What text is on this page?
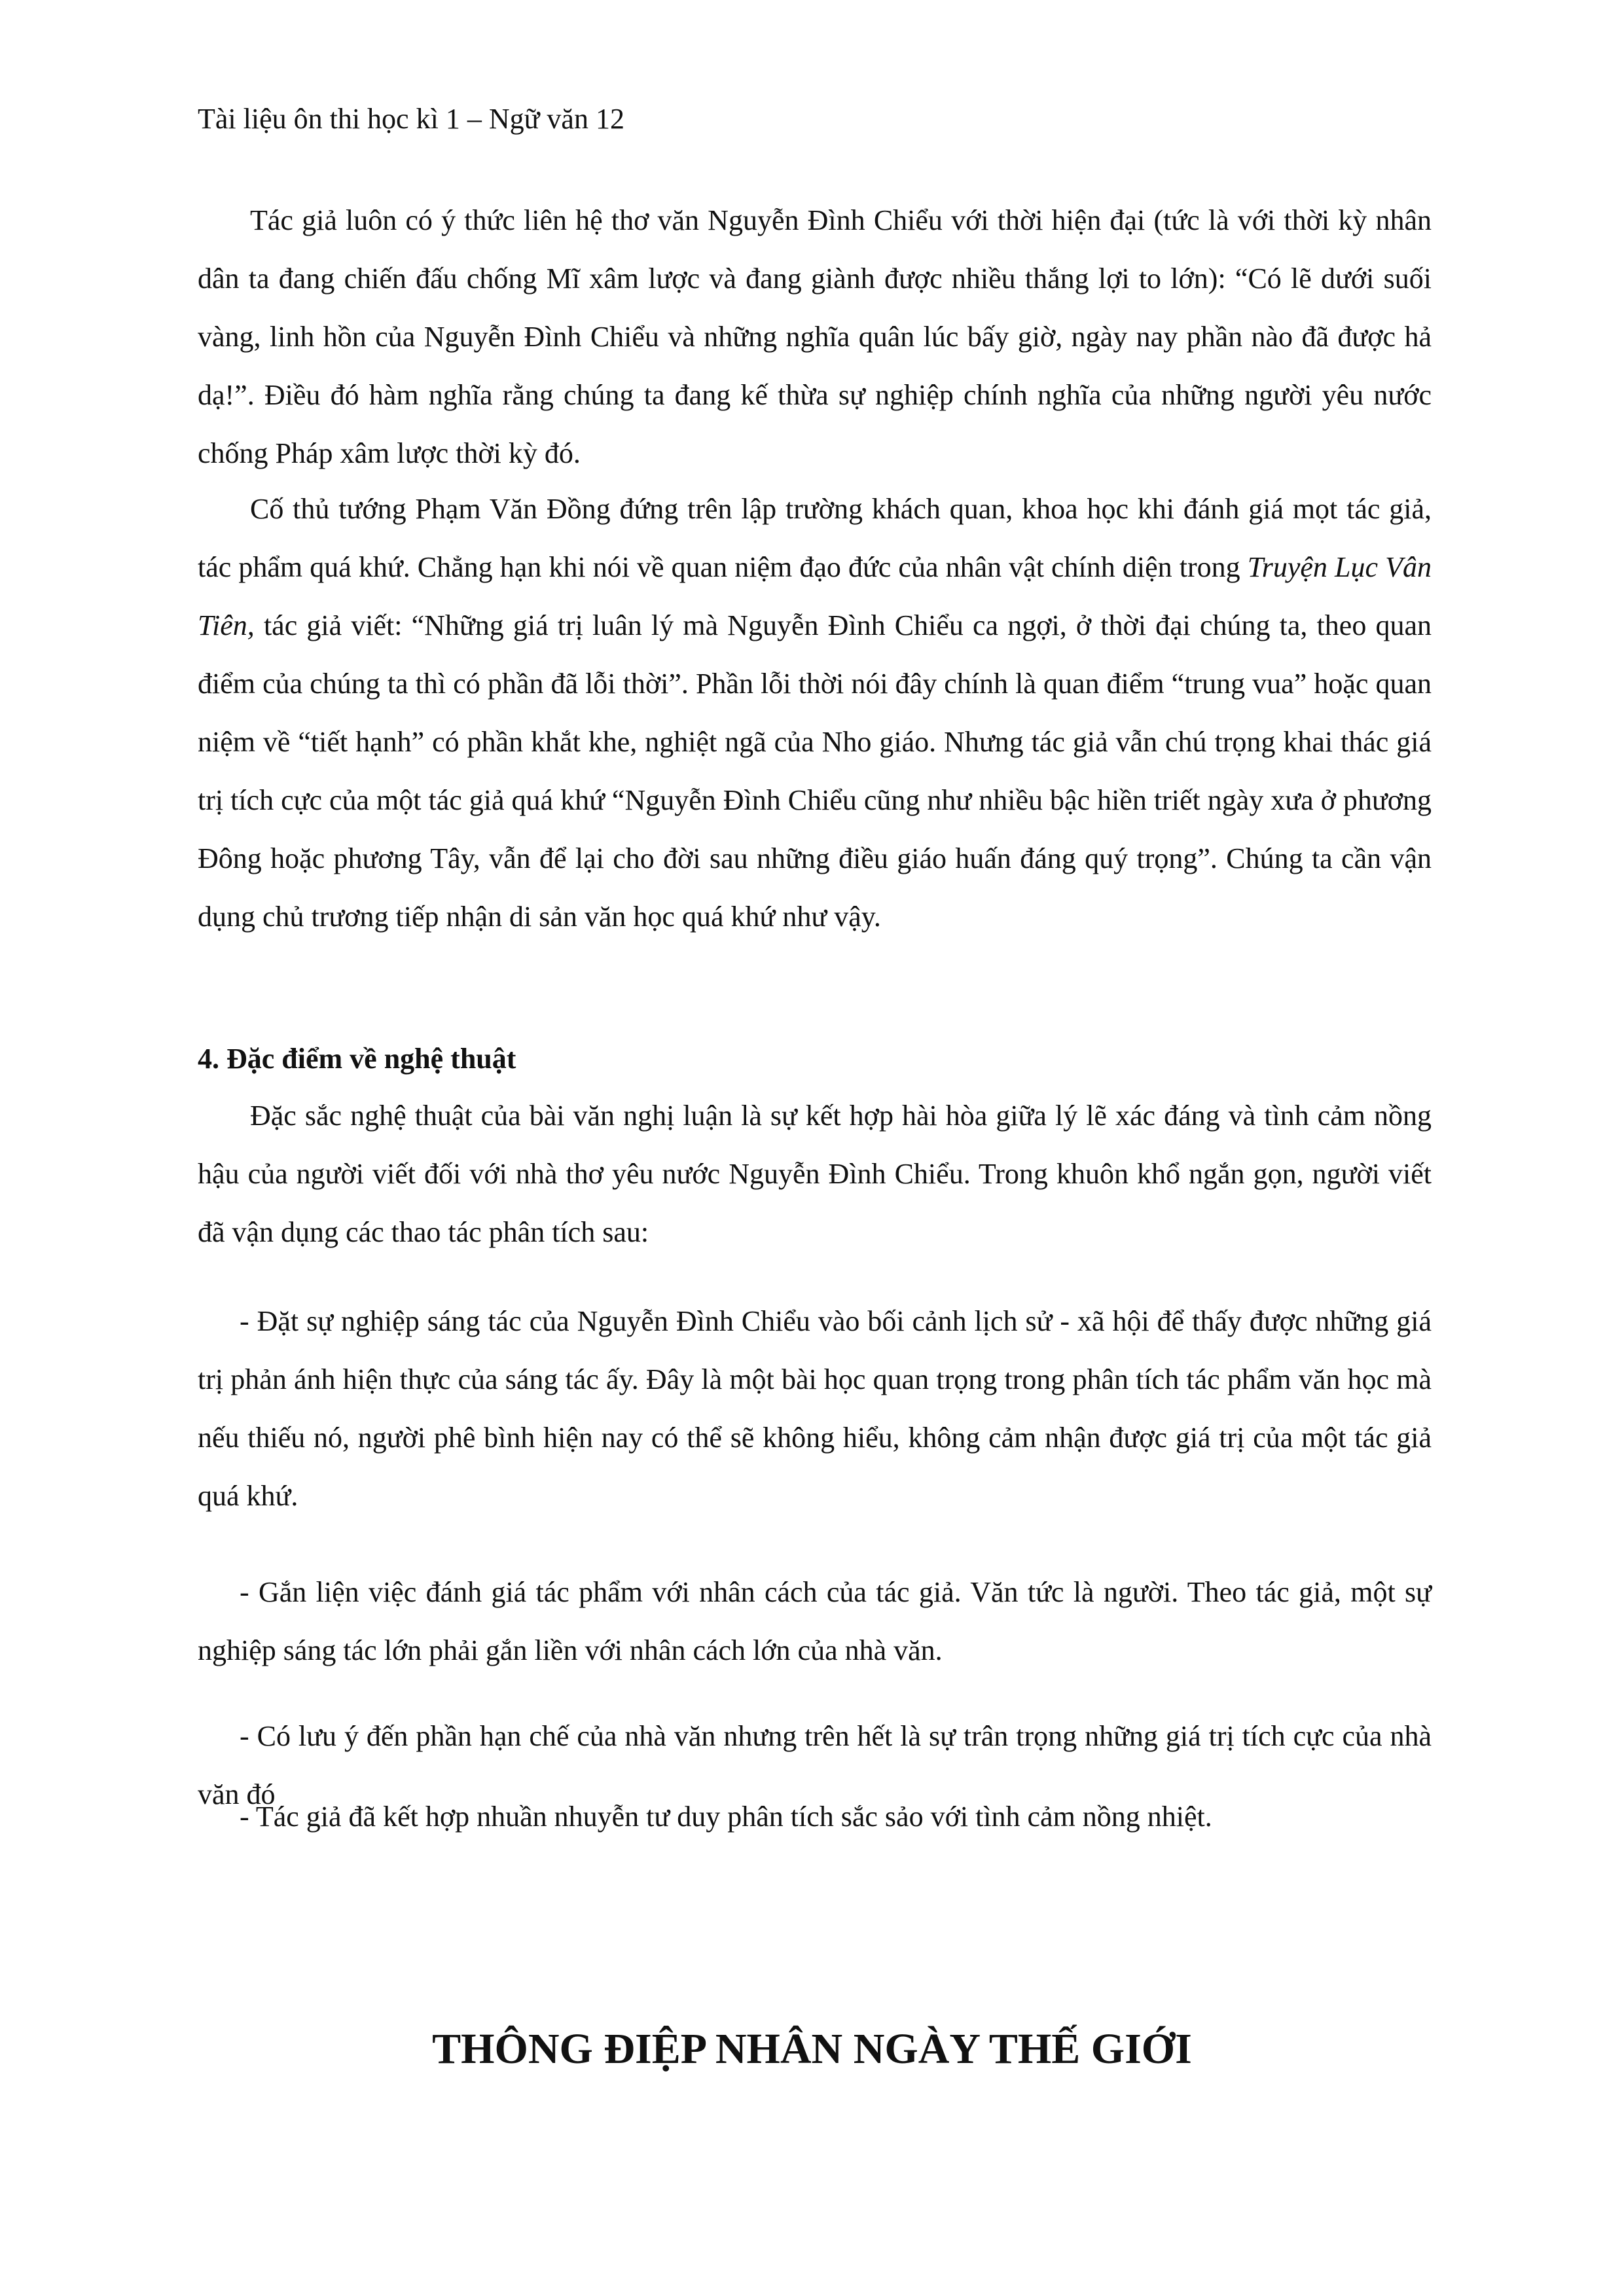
Tài liệu ôn thi học kì 1 – Ngữ văn 12

Tác giả luôn có ý thức liên hệ thơ văn Nguyễn Đình Chiểu với thời hiện đại (tức là với thời kỳ nhân dân ta đang chiến đấu chống Mĩ xâm lược và đang giành được nhiều thắng lợi to lớn): “Có lẽ dưới suối vàng, linh hồn của Nguyễn Đình Chiểu và những nghĩa quân lúc bấy giờ, ngày nay phần nào đã được hả dạ!”. Điều đó hàm nghĩa rằng chúng ta đang kế thừa sự nghiệp chính nghĩa của những người yêu nước chống Pháp xâm lược thời kỳ đó.

Cố thủ tướng Phạm Văn Đồng đứng trên lập trường khách quan, khoa học khi đánh giá mọt tác giả, tác phẩm quá khứ. Chẳng hạn khi nói về quan niệm đạo đức của nhân vật chính diện trong Truyện Lục Vân Tiên, tác giả viết: “Những giá trị luân lý mà Nguyễn Đình Chiểu ca ngợi, ở thời đại chúng ta, theo quan điểm của chúng ta thì có phần đã lỗi thời”. Phần lỗi thời nói đây chính là quan điểm “trung vua” hoặc quan niệm về “tiết hạnh” có phần khắt khe, nghiệt ngã của Nho giáo. Nhưng tác giả vẫn chú trọng khai thác giá trị tích cực của một tác giả quá khứ “Nguyễn Đình Chiểu cũng như nhiều bậc hiền triết ngày xưa ở phương Đông hoặc phương Tây, vẫn để lại cho đời sau những điều giáo huấn đáng quý trọng”. Chúng ta cần vận dụng chủ trương tiếp nhận di sản văn học quá khứ như vậy.

4. Đặc điểm về nghệ thuật

Đặc sắc nghệ thuật của bài văn nghị luận là sự kết hợp hài hòa giữa lý lẽ xác đáng và tình cảm nồng hậu của người viết đối với nhà thơ yêu nước Nguyễn Đình Chiểu. Trong khuôn khổ ngắn gọn, người viết đã vận dụng các thao tác phân tích sau:

- Đặt sự nghiệp sáng tác của Nguyễn Đình Chiểu vào bối cảnh lịch sử - xã hội để thấy được những giá trị phản ánh hiện thực của sáng tác ấy. Đây là một bài học quan trọng trong phân tích tác phẩm văn học mà nếu thiếu nó, người phê bình hiện nay có thể sẽ không hiểu, không cảm nhận được giá trị của một tác giả quá khứ.

- Gắn liện việc đánh giá tác phẩm với nhân cách của tác giả. Văn tức là người. Theo tác giả, một sự nghiệp sáng tác lớn phải gắn liền với nhân cách lớn của nhà văn.

- Có lưu ý đến phần hạn chế của nhà văn nhưng trên hết là sự trân trọng những giá trị tích cực của nhà văn đó

- Tác giả đã kết hợp nhuần nhuyễn tư duy phân tích sắc sảo với tình cảm nồng nhiệt.

THÔNG ĐIỆP NHÂN NGÀY THẾ GIỚI
